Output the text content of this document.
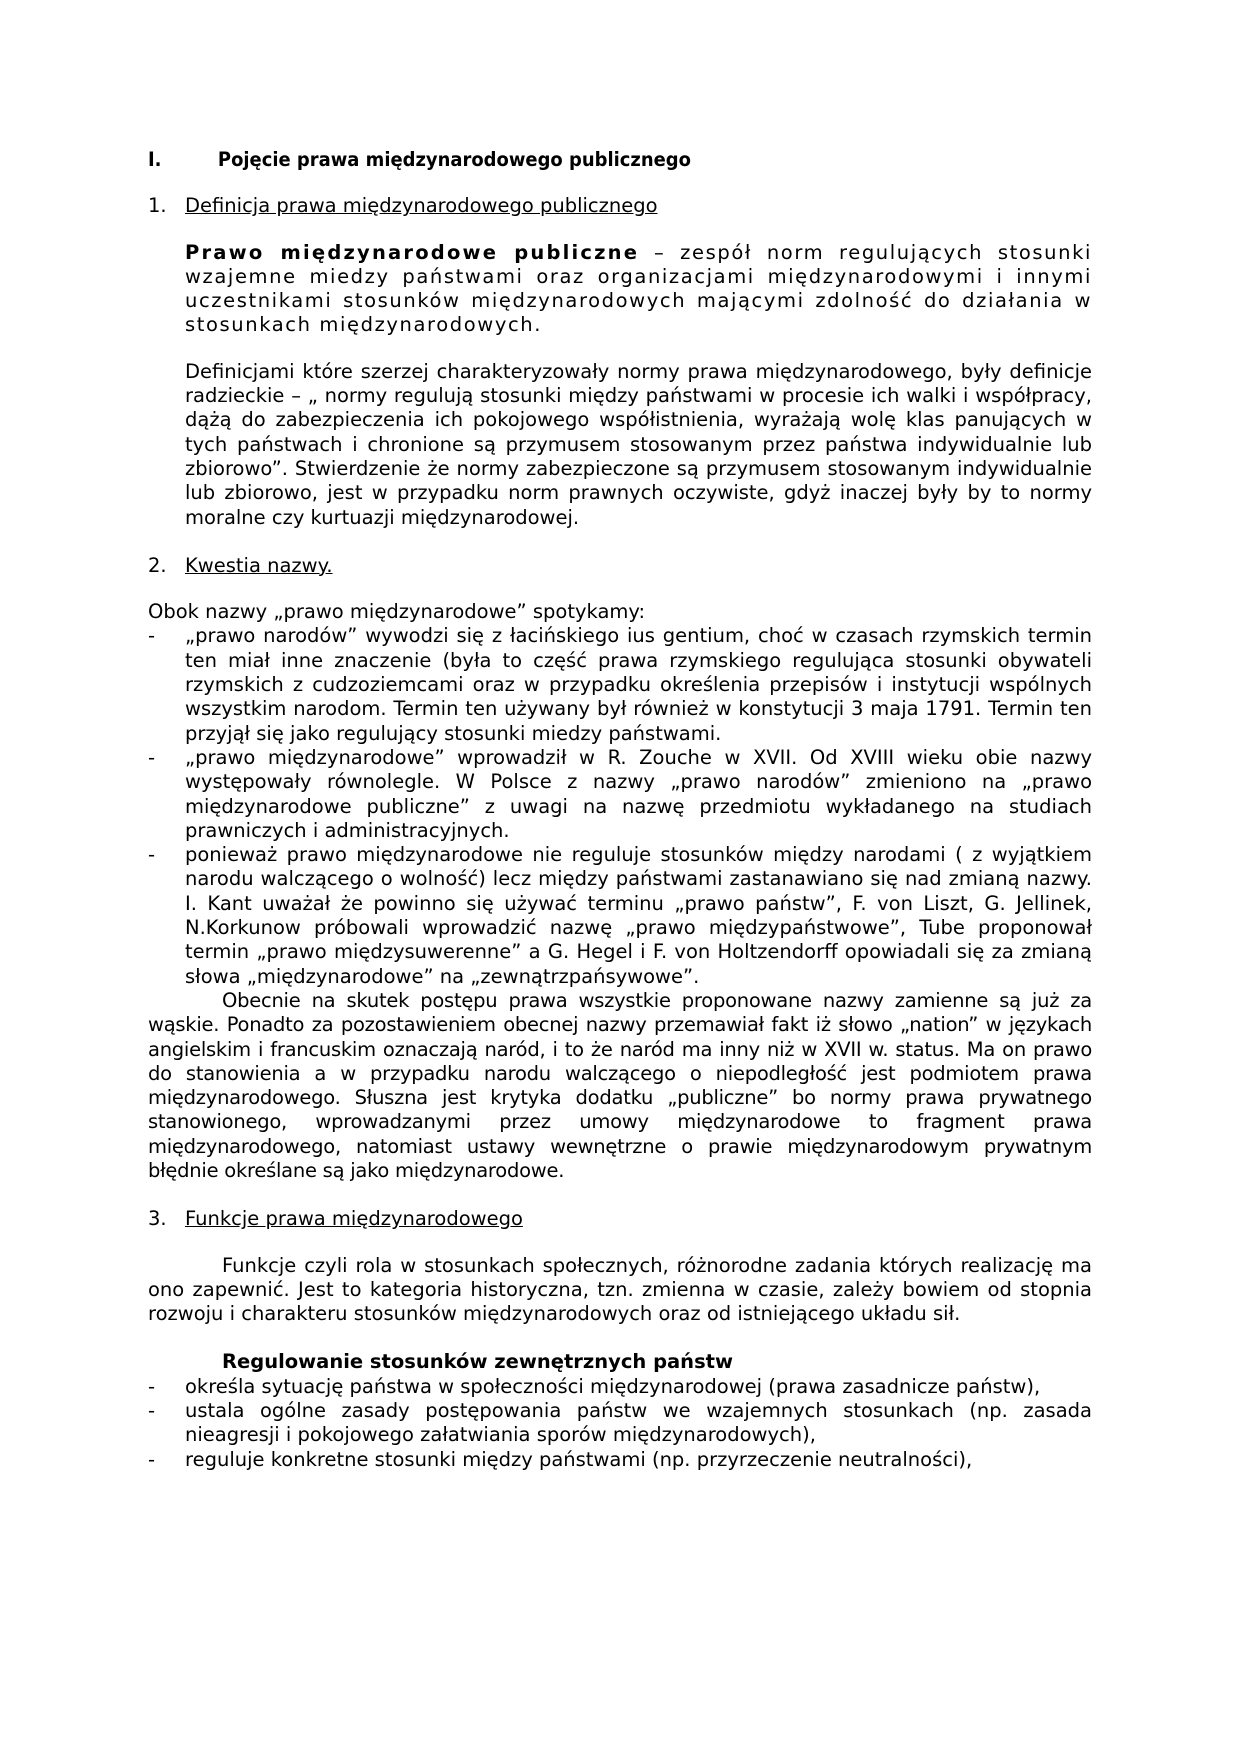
I.	Pojęcie prawa międzynarodowego publicznego
1. Definicja prawa międzynarodowego publicznego
Prawo międzynarodowe publiczne – zespół norm regulujących stosunki wzajemne miedzy państwami oraz organizacjami międzynarodowymi i innymi uczestnikami stosunków międzynarodowych mającymi zdolność do działania w stosunkach międzynarodowych.
Definicjami które szerzej charakteryzowały normy prawa międzynarodowego, były definicje radzieckie – „ normy regulują stosunki między państwami w procesie ich walki i współpracy, dążą do zabezpieczenia ich pokojowego współistnienia, wyrażają wolę klas panujących w tych państwach i chronione są przymusem stosowanym przez państwa indywidualnie lub zbiorowo”. Stwierdzenie że normy zabezpieczone są przymusem stosowanym indywidualnie lub zbiorowo, jest w przypadku norm prawnych oczywiste, gdyż inaczej były by to normy moralne czy kurtuazji międzynarodowej.
2. Kwestia nazwy.
Obok nazwy „prawo międzynarodowe” spotykamy:
-	„prawo narodów” wywodzi się z łacińskiego ius gentium, choć w czasach rzymskich termin ten miał inne znaczenie (była to część prawa rzymskiego regulująca stosunki obywateli rzymskich z cudzoziemcami oraz w przypadku określenia przepisów i instytucji wspólnych wszystkim narodom. Termin ten używany był również w konstytucji 3 maja 1791. Termin ten przyjął się jako regulujący stosunki miedzy państwami.
-	„prawo międzynarodowe” wprowadził w R. Zouche w XVII. Od XVIII wieku obie nazwy występowały równolegle. W Polsce z nazwy „prawo narodów” zmieniono na „prawo międzynarodowe publiczne” z uwagi na nazwę przedmiotu wykładanego na studiach prawniczych i administracyjnych.
-	ponieważ prawo międzynarodowe nie reguluje stosunków między narodami ( z wyjątkiem narodu walczącego o wolność) lecz między państwami zastanawiano się nad zmianą nazwy. I. Kant uważał że powinno się używać terminu „prawo państw”, F. von Liszt, G. Jellinek, N.Korkunow próbowali wprowadzić nazwę „prawo międzypaństwowe”, Tube proponował termin „prawo międzysuwerenne” a G. Hegel i F. von Holtzendorff opowiadali się za zmianą słowa „międzynarodowe” na „zewnątrzpańsywowe”.
Obecnie na skutek postępu prawa wszystkie proponowane nazwy zamienne są już za wąskie. Ponadto za pozostawieniem obecnej nazwy przemawiał fakt iż słowo „nation” w językach angielskim i francuskim oznaczają naród, i to że naród ma inny niż w XVII w. status. Ma on prawo do stanowienia a w przypadku narodu walczącego o niepodległość jest podmiotem prawa międzynarodowego. Słuszna jest krytyka dodatku „publiczne” bo normy prawa prywatnego stanowionego, wprowadzanymi przez umowy międzynarodowe to fragment prawa międzynarodowego, natomiast ustawy wewnętrzne o prawie międzynarodowym prywatnym błędnie określane są jako międzynarodowe.
3. Funkcje prawa międzynarodowego
Funkcje czyli rola w stosunkach społecznych, różnorodne zadania których realizację ma ono zapewnić. Jest to kategoria historyczna, tzn. zmienna w czasie, zależy bowiem od stopnia rozwoju i charakteru stosunków międzynarodowych oraz od istniejącego układu sił.
Regulowanie stosunków zewnętrznych państw
-	określa sytuację państwa w społeczności międzynarodowej (prawa zasadnicze państw),
-	ustala ogólne zasady postępowania państw we wzajemnych stosunkach (np. zasada nieagresji i pokojowego załatwiania sporów międzynarodowych),
-	reguluje konkretne stosunki między państwami (np. przyrzeczenie neutralności),
